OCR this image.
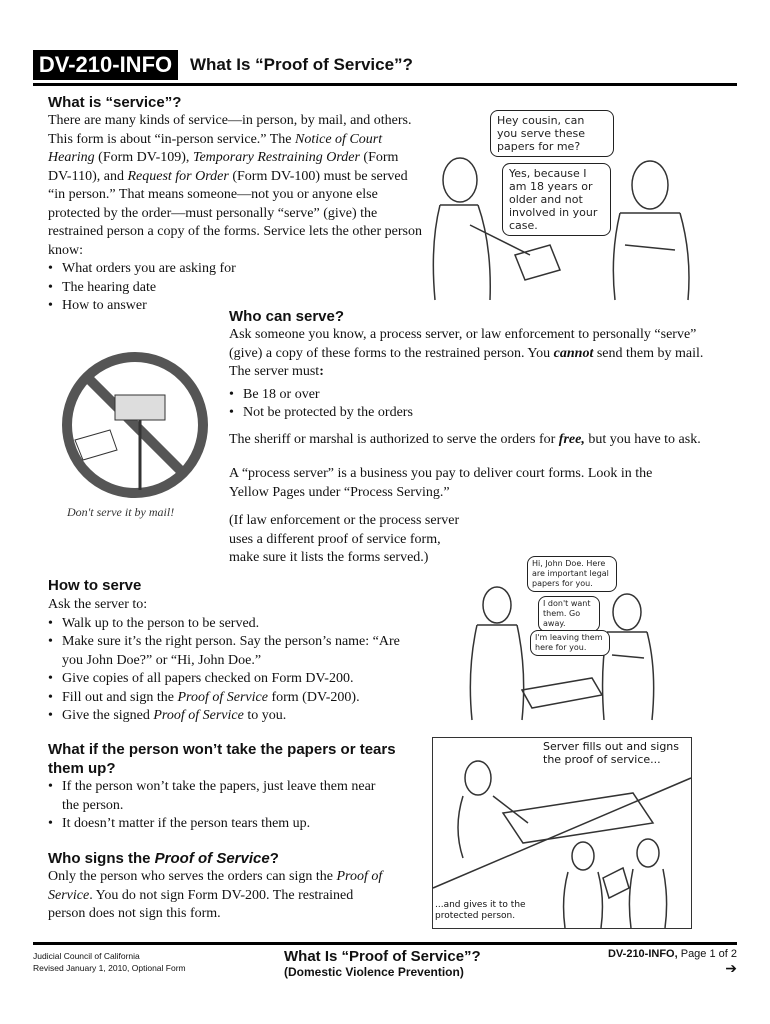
DV-210-INFO	What Is “Proof of Service”?
What is “service”?
There are many kinds of service—in person, by mail, and others. This form is about “in-person service.” The Notice of Court Hearing (Form DV-109), Temporary Restraining Order (Form DV-110), and Request for Order (Form DV-100) must be served “in person.” That means someone—not you or anyone else protected by the order—must personally “serve” (give) the restrained person a copy of the forms. Service lets the other person know:
• What orders you are asking for
• The hearing date
• How to answer
Hey cousin, can you serve these papers for me?
Yes, because I am 18 years or older and not involved in your case.
Who can serve?
Ask someone you know, a process server, or law enforcement to personally “serve” (give) a copy of these forms to the restrained person. You cannot send them by mail. The server must:
• Be 18 or over
• Not be protected by the orders
The sheriff or marshal is authorized to serve the orders for free, but you have to ask.
A “process server” is a business you pay to deliver court forms. Look in the Yellow Pages under “Process Serving.”
(If law enforcement or the process server uses a different proof of service form, make sure it lists the forms served.)
Don't serve it by mail!
How to serve
Ask the server to:
• Walk up to the person to be served.
• Make sure it’s the right person. Say the person’s name: “Are you John Doe?” or “Hi, John Doe.”
• Give copies of all papers checked on Form DV-200.
• Fill out and sign the Proof of Service form (DV-200).
• Give the signed Proof of Service to you.
Hi, John Doe. Here are important legal papers for you.
I don't want them. Go away.
I'm leaving them here for you.
What if the person won’t take the papers or tears them up?
• If the person won’t take the papers, just leave them near the person.
• It doesn’t matter if the person tears them up.
Who signs the Proof of Service?
Only the person who serves the orders can sign the Proof of Service. You do not sign Form DV-200. The restrained person does not sign this form.
Server fills out and signs the proof of service...
...and gives it to the protected person.
Judicial Council of California
Revised January 1, 2010, Optional Form
What Is “Proof of Service”?
(Domestic Violence Prevention)
DV-210-INFO, Page 1 of 2
➔
